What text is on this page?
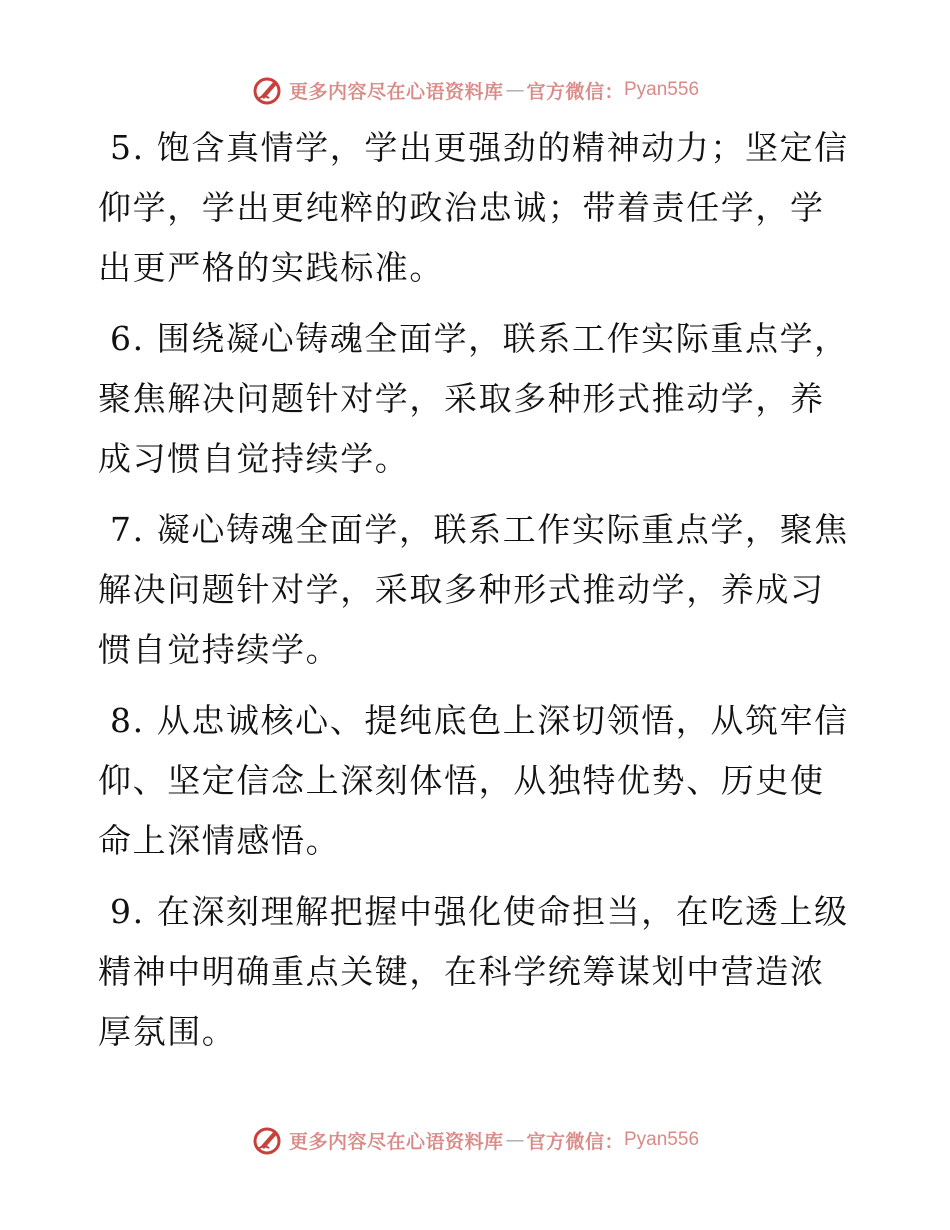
更多内容尽在心语资料库 — 官方微信： Pyan556

5. 饱含真情学，学出更强劲的精神动力；坚定信仰学，学出更纯粹的政治忠诚；带着责任学，学出更严格的实践标准。

6. 围绕凝心铸魂全面学，联系工作实际重点学，聚焦解决问题针对学，采取多种形式推动学，养成习惯自觉持续学。

7. 凝心铸魂全面学，联系工作实际重点学，聚焦解决问题针对学，采取多种形式推动学，养成习惯自觉持续学。

8. 从忠诚核心、提纯底色上深切领悟，从筑牢信仰、坚定信念上深刻体悟，从独特优势、历史使命上深情感悟。

9. 在深刻理解把握中强化使命担当，在吃透上级精神中明确重点关键，在科学统筹谋划中营造浓厚氛围。

更多内容尽在心语资料库 — 官方微信： Pyan556
